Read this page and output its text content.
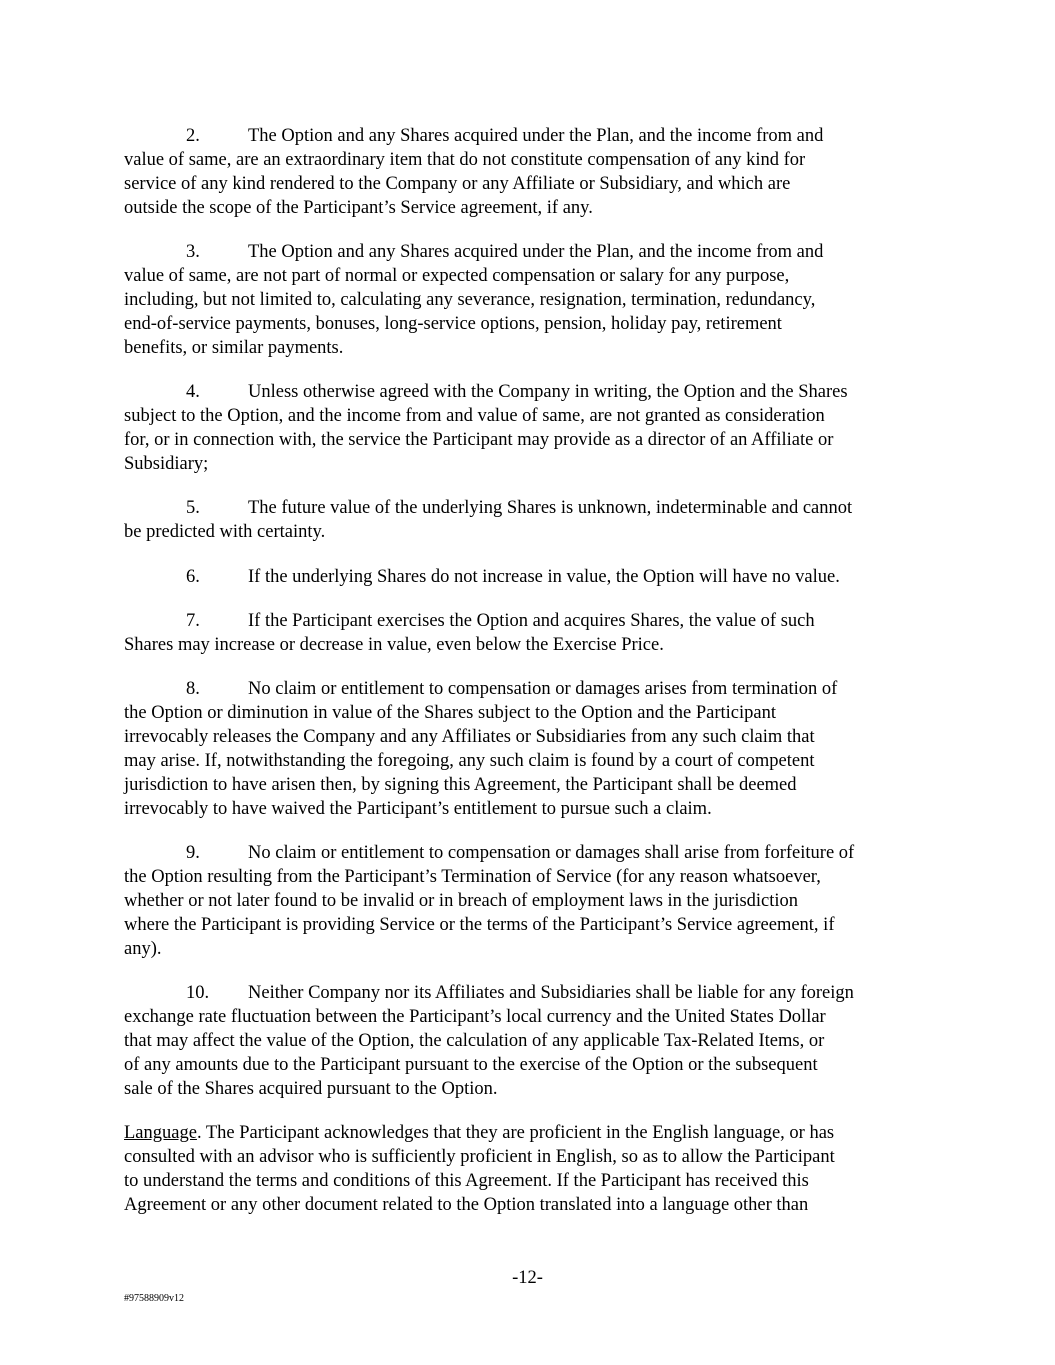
2.	The Option and any Shares acquired under the Plan, and the income from and
value of same, are an extraordinary item that do not constitute compensation of any kind for
service of any kind rendered to the Company or any Affiliate or Subsidiary, and which are
outside the scope of the Participant’s Service agreement, if any.

3.	The Option and any Shares acquired under the Plan, and the income from and
value of same, are not part of normal or expected compensation or salary for any purpose,
including, but not limited to, calculating any severance, resignation, termination, redundancy,
end-of-service payments, bonuses, long-service options, pension, holiday pay, retirement
benefits, or similar payments.

4.	Unless otherwise agreed with the Company in writing, the Option and the Shares
subject to the Option, and the income from and value of same, are not granted as consideration
for, or in connection with, the service the Participant may provide as a director of an Affiliate or
Subsidiary;

5.	The future value of the underlying Shares is unknown, indeterminable and cannot
be predicted with certainty.

6.	If the underlying Shares do not increase in value, the Option will have no value.

7.	If the Participant exercises the Option and acquires Shares, the value of such
Shares may increase or decrease in value, even below the Exercise Price.

8.	No claim or entitlement to compensation or damages arises from termination of
the Option or diminution in value of the Shares subject to the Option and the Participant
irrevocably releases the Company and any Affiliates or Subsidiaries from any such claim that
may arise. If, notwithstanding the foregoing, any such claim is found by a court of competent
jurisdiction to have arisen then, by signing this Agreement, the Participant shall be deemed
irrevocably to have waived the Participant’s entitlement to pursue such a claim.

9.	No claim or entitlement to compensation or damages shall arise from forfeiture of
the Option resulting from the Participant’s Termination of Service (for any reason whatsoever,
whether or not later found to be invalid or in breach of employment laws in the jurisdiction
where the Participant is providing Service or the terms of the Participant’s Service agreement, if
any).

10. Neither Company nor its Affiliates and Subsidiaries shall be liable for any foreign
exchange rate fluctuation between the Participant’s local currency and the United States Dollar
that may affect the value of the Option, the calculation of any applicable Tax-Related Items, or
of any amounts due to the Participant pursuant to the exercise of the Option or the subsequent
sale of the Shares acquired pursuant to the Option.

Language. The Participant acknowledges that they are proficient in the English language, or has
consulted with an advisor who is sufficiently proficient in English, so as to allow the Participant
to understand the terms and conditions of this Agreement. If the Participant has received this
Agreement or any other document related to the Option translated into a language other than

-12-
#97588909v12
